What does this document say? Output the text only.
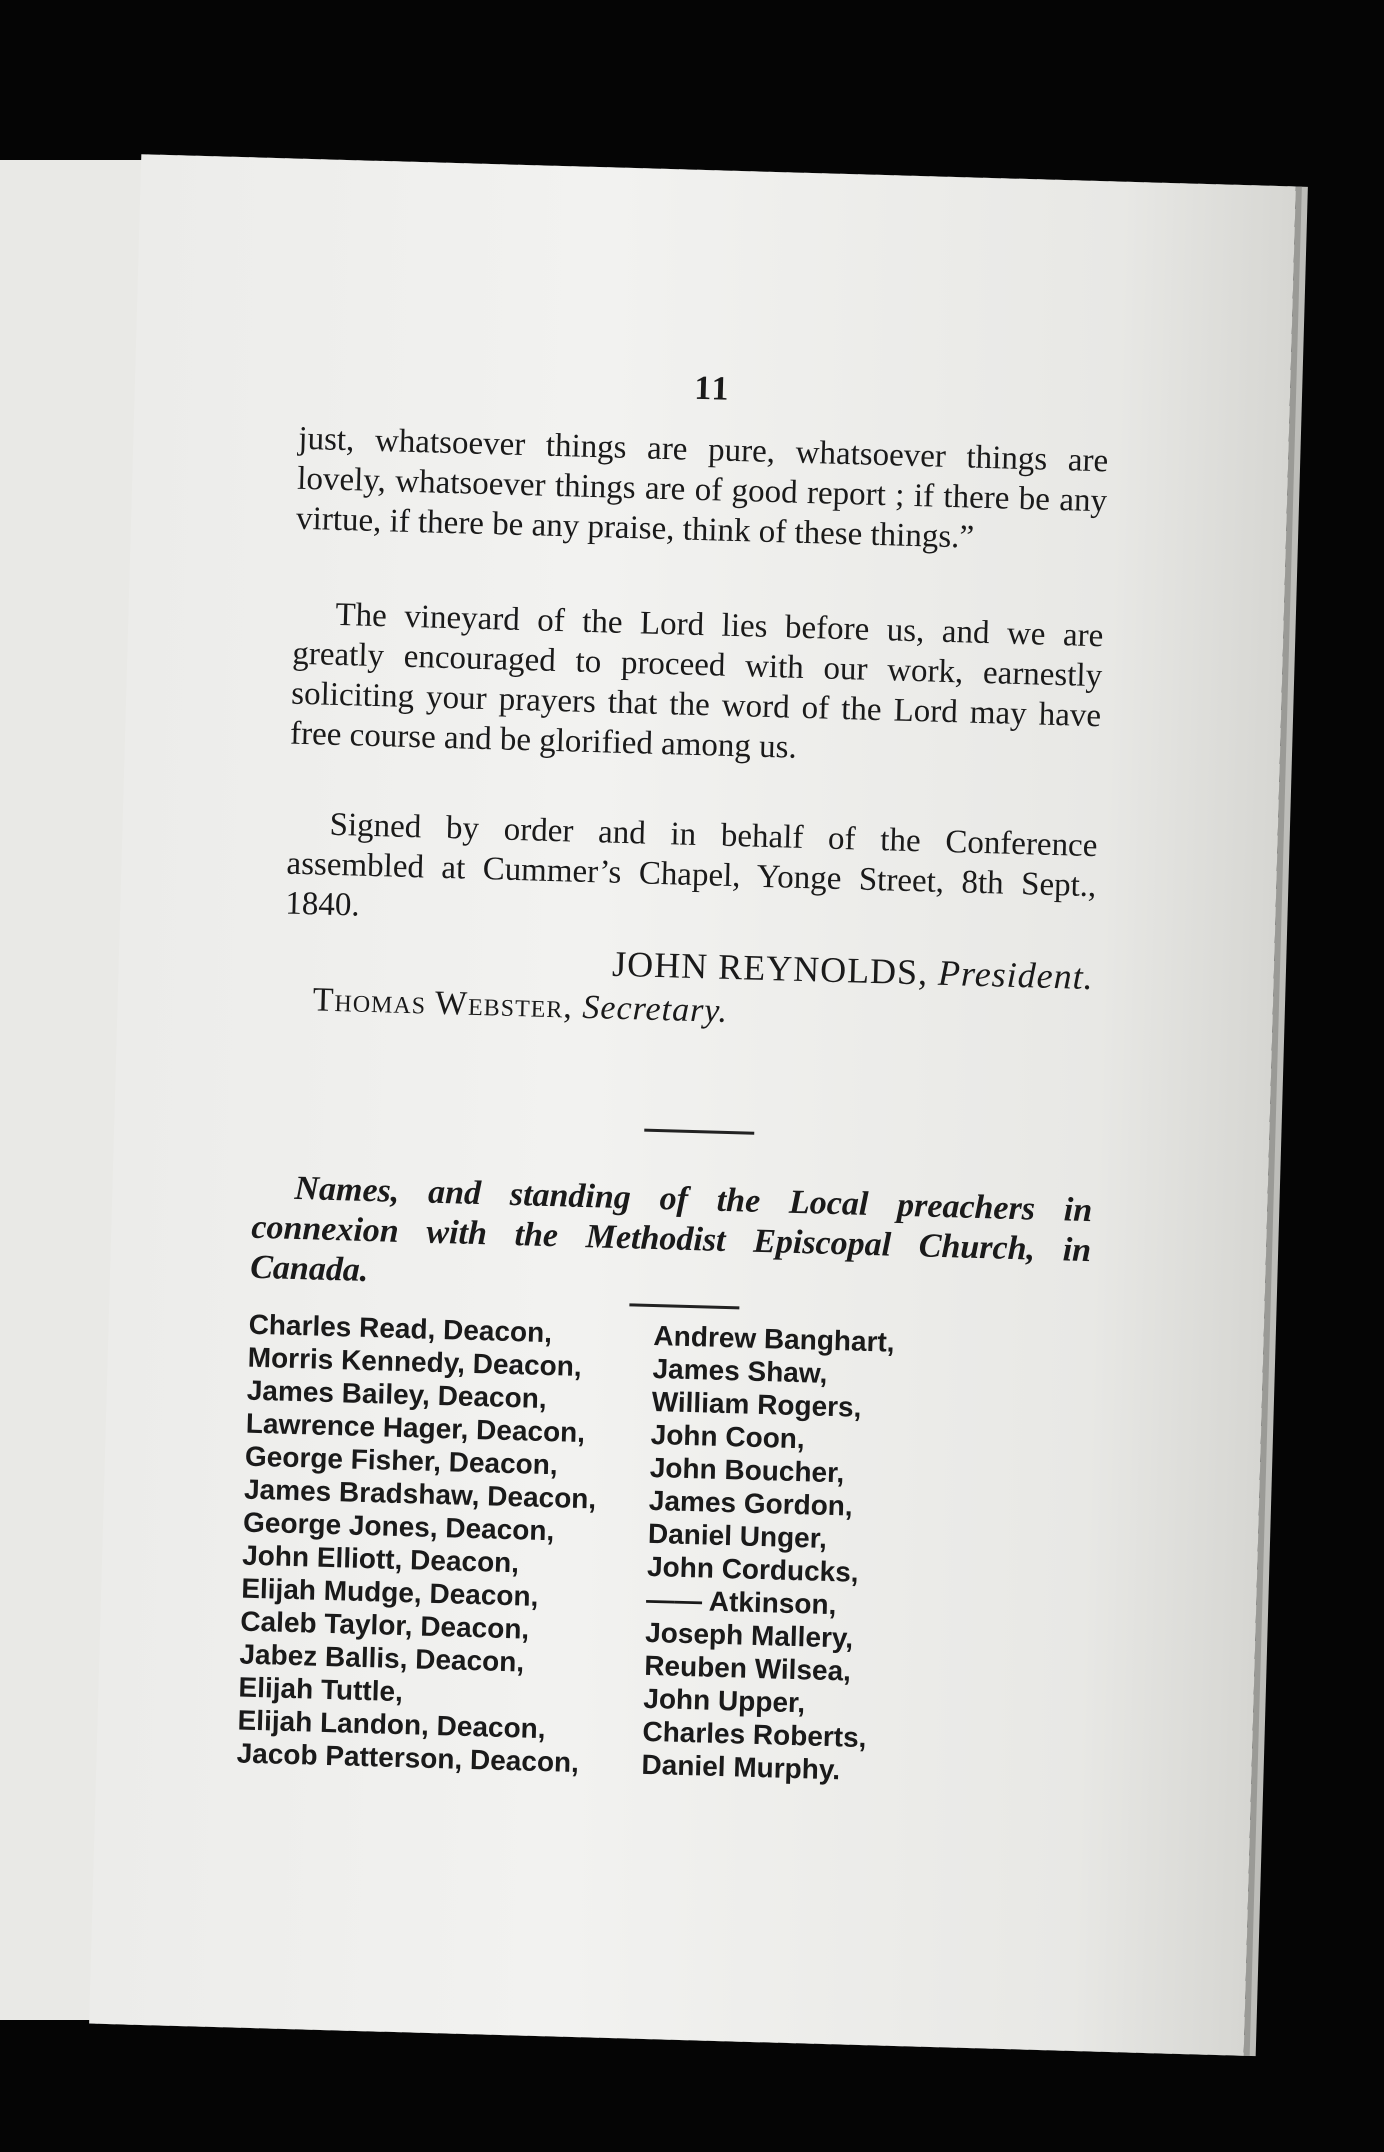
11

just, whatsoever things are pure, whatsoever things are lovely, whatsoever things are of good report ; if there be any virtue, if there be any praise, think of these things.”

The vineyard of the Lord lies before us, and we are greatly encouraged to proceed with our work, earnestly soliciting your prayers that the word of the Lord may have free course and be glorified among us.

Signed by order and in behalf of the Conference assembled at Cummer’s Chapel, Yonge Street, 8th Sept., 1840.

JOHN REYNOLDS, President.
Thomas Webster, Secretary.

Names, and standing of the Local preachers in connexion with the Methodist Episcopal Church, in Canada.

Charles Read, Deacon,
Morris Kennedy, Deacon,
James Bailey, Deacon,
Lawrence Hager, Deacon,
George Fisher, Deacon,
James Bradshaw, Deacon,
George Jones, Deacon,
John Elliott, Deacon,
Elijah Mudge, Deacon,
Caleb Taylor, Deacon,
Jabez Ballis, Deacon,
Elijah Tuttle,
Elijah Landon, Deacon,
Jacob Patterson, Deacon,
Andrew Banghart,
James Shaw,
William Rogers,
John Coon,
John Boucher,
James Gordon,
Daniel Unger,
John Corducks,
—— Atkinson,
Joseph Mallery,
Reuben Wilsea,
John Upper,
Charles Roberts,
Daniel Murphy.
